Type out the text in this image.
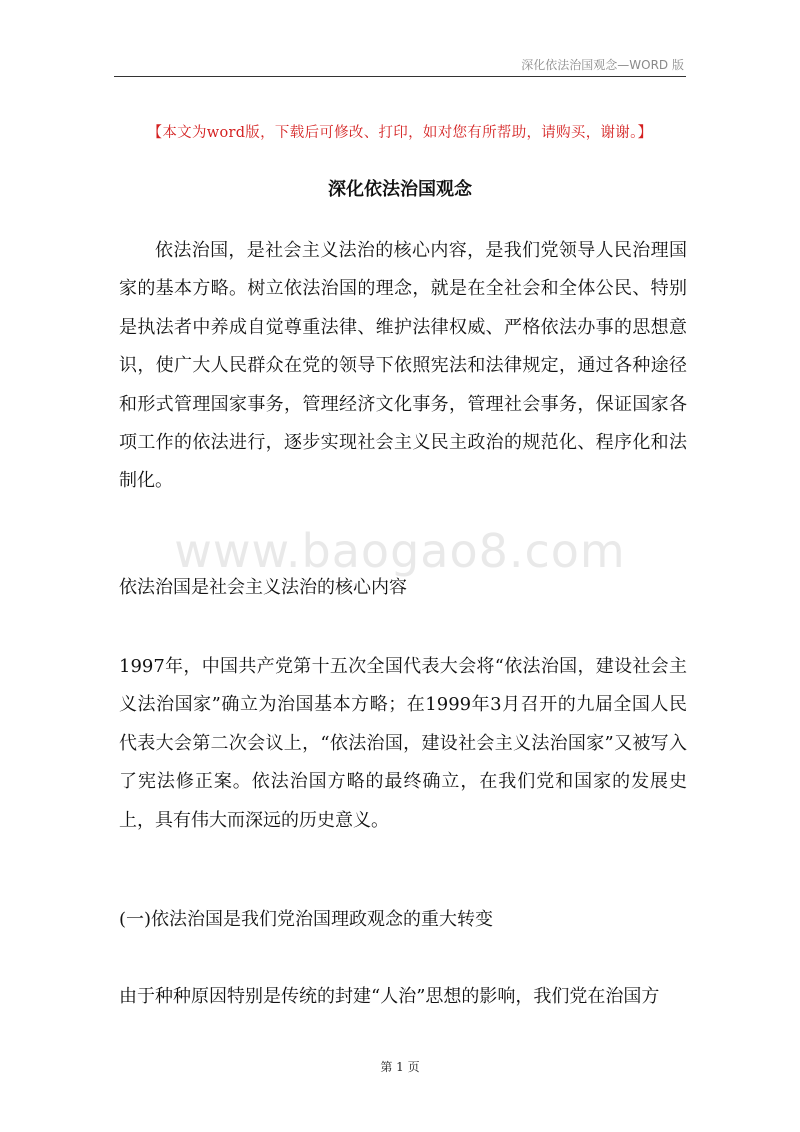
深化依法治国观念—WORD 版
【本文为word版，下载后可修改、打印，如对您有所帮助，请购买，谢谢。】
深化依法治国观念

依法治国，是社会主义法治的核心内容，是我们党领导人民治理国家的基本方略。树立依法治国的理念，就是在全社会和全体公民、特别是执法者中养成自觉尊重法律、维护法律权威、严格依法办事的思想意识，使广大人民群众在党的领导下依照宪法和法律规定，通过各种途径和形式管理国家事务，管理经济文化事务，管理社会事务，保证国家各项工作的依法进行，逐步实现社会主义民主政治的规范化、程序化和法制化。

www.baogao8.com

依法治国是社会主义法治的核心内容

1997年，中国共产党第十五次全国代表大会将“依法治国，建设社会主义法治国家”确立为治国基本方略；在1999年3月召开的九届全国人民代表大会第二次会议上，“依法治国，建设社会主义法治国家”又被写入了宪法修正案。依法治国方略的最终确立，在我们党和国家的发展史上，具有伟大而深远的历史意义。

(一)依法治国是我们党治国理政观念的重大转变

由于种种原因特别是传统的封建“人治”思想的影响，我们党在治国方

第 1 页
